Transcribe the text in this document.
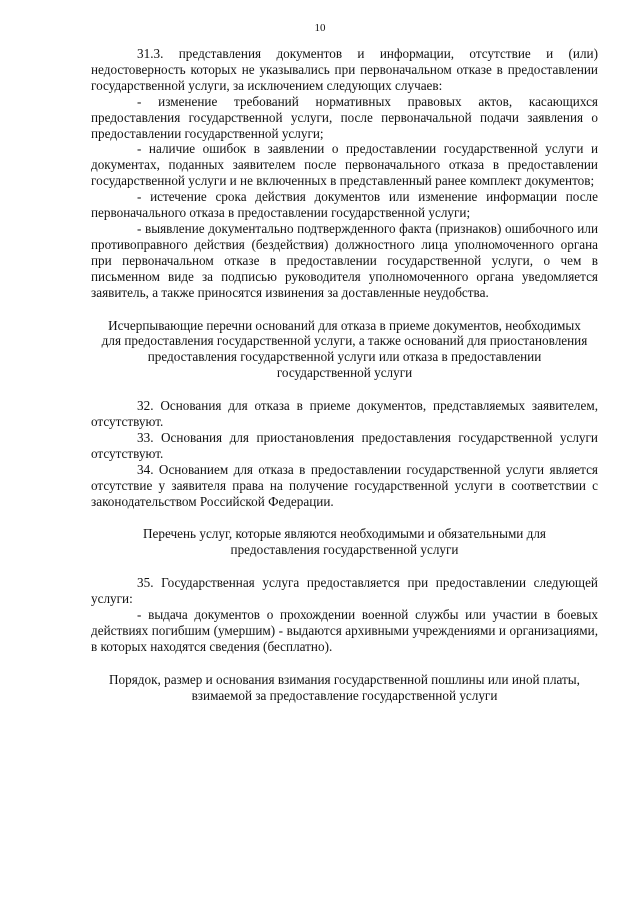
10

31.3. представления документов и информации, отсутствие и (или) недостоверность которых не указывались при первоначальном отказе в предоставлении государственной услуги, за исключением следующих случаев:

- изменение требований нормативных правовых актов, касающихся предоставления государственной услуги, после первоначальной подачи заявления о предоставлении государственной услуги;

- наличие ошибок в заявлении о предоставлении государственной услуги и документах, поданных заявителем после первоначального отказа в предоставлении государственной услуги и не включенных в представленный ранее комплект документов;

- истечение срока действия документов или изменение информации после первоначального отказа в предоставлении государственной услуги;

- выявление документально подтвержденного факта (признаков) ошибочного или противоправного действия (бездействия) должностного лица уполномоченного органа при первоначальном отказе в предоставлении государственной услуги, о чем в письменном виде за подписью руководителя уполномоченного органа уведомляется заявитель, а также приносятся извинения за доставленные неудобства.

Исчерпывающие перечни оснований для отказа в приеме документов, необходимых для предоставления государственной услуги, а также оснований для приостановления предоставления государственной услуги или отказа в предоставлении государственной услуги

32. Основания для отказа в приеме документов, представляемых заявителем, отсутствуют.

33. Основания для приостановления предоставления государственной услуги отсутствуют.

34. Основанием для отказа в предоставлении государственной услуги является отсутствие у заявителя права на получение государственной услуги в соответствии с законодательством Российской Федерации.

Перечень услуг, которые являются необходимыми и обязательными для предоставления государственной услуги

35. Государственная услуга предоставляется при предоставлении следующей услуги:

- выдача документов о прохождении военной службы или участии в боевых действиях погибшим (умершим) - выдаются архивными учреждениями и организациями, в которых находятся сведения (бесплатно).

Порядок, размер и основания взимания государственной пошлины или иной платы, взимаемой за предоставление государственной услуги
